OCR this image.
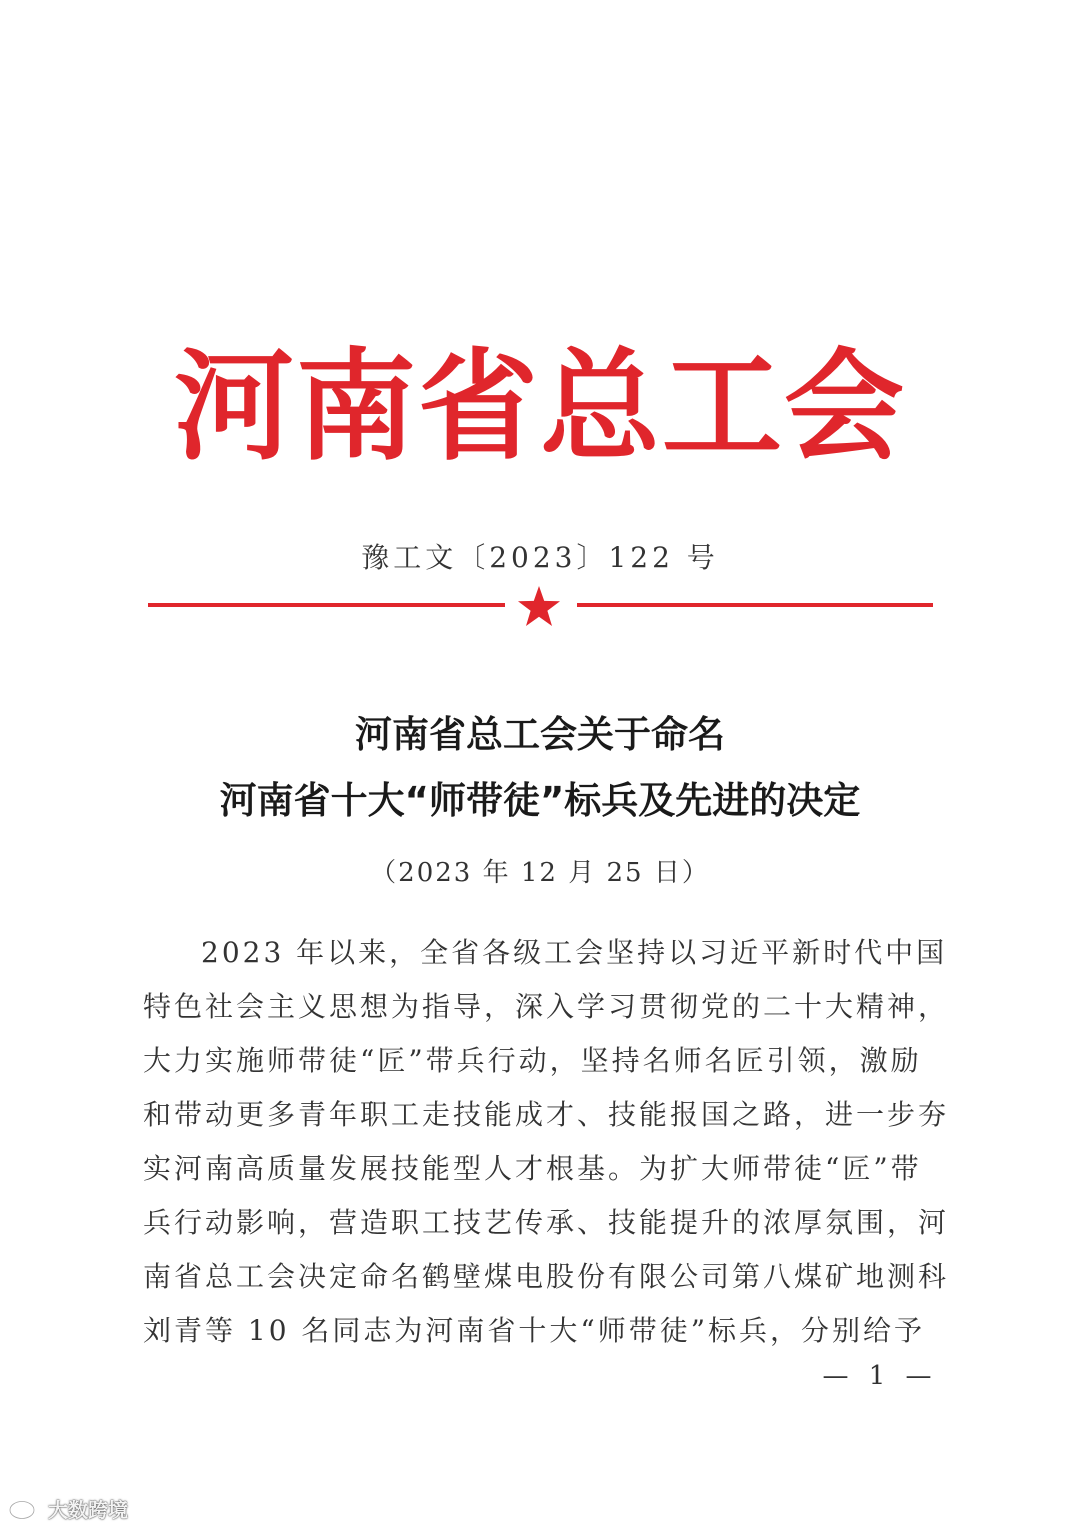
河南省总工会
豫工文〔2023〕122 号
河南省总工会关于命名
河南省十大“师带徒”标兵及先进的决定
（2023 年 12 月 25 日）
2023 年以来，全省各级工会坚持以习近平新时代中国
特色社会主义思想为指导，深入学习贯彻党的二十大精神，
大力实施师带徒“匠”带兵行动，坚持名师名匠引领，激励
和带动更多青年职工走技能成才、技能报国之路，进一步夯
实河南高质量发展技能型人才根基。为扩大师带徒“匠”带
兵行动影响，营造职工技艺传承、技能提升的浓厚氛围，河
南省总工会决定命名鹤壁煤电股份有限公司第八煤矿地测科
刘青等 10 名同志为河南省十大“师带徒”标兵，分别给予
— 1 —
大数跨境
